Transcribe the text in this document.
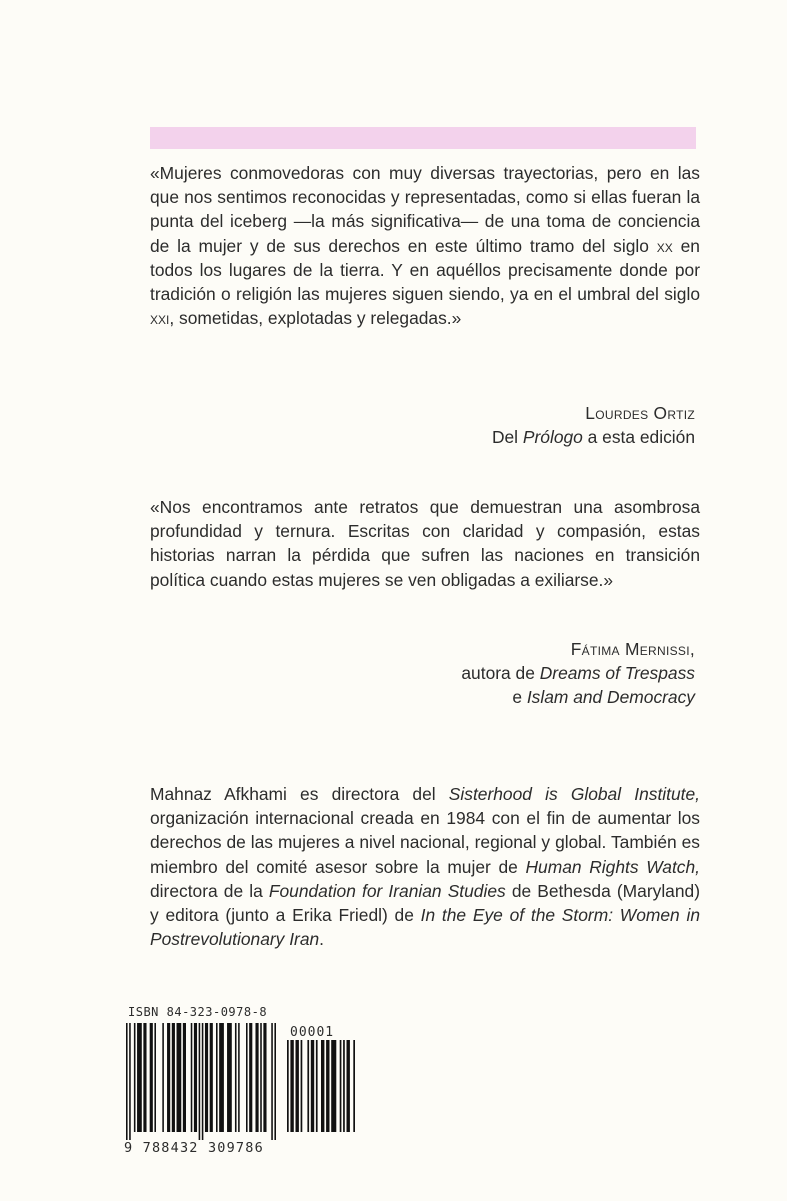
«Mujeres conmovedoras con muy diversas trayectorias, pero en las que nos sentimos reconocidas y representadas, como si ellas fueran la punta del iceberg —la más significativa— de una toma de conciencia de la mujer y de sus derechos en este último tramo del siglo xx en todos los lugares de la tierra. Y en aquéllos precisamente donde por tradición o religión las mujeres siguen siendo, ya en el umbral del siglo xxi, sometidas, explotadas y relegadas.»

Lourdes Ortiz
Del Prólogo a esta edición

«Nos encontramos ante retratos que demuestran una asombrosa profundidad y ternura. Escritas con claridad y compasión, estas historias narran la pérdida que sufren las naciones en transición política cuando estas mujeres se ven obligadas a exiliarse.»

Fátima Mernissi,
autora de Dreams of Trespass
e Islam and Democracy

Mahnaz Afkhami es directora del Sisterhood is Global Institute, organización internacional creada en 1984 con el fin de aumentar los derechos de las mujeres a nivel nacional, regional y global. También es miembro del comité asesor sobre la mujer de Human Rights Watch, directora de la Foundation for Iranian Studies de Bethesda (Maryland) y editora (junto a Erika Friedl) de In the Eye of the Storm: Women in Postrevolutionary Iran.

ISBN 84-323-0978-8
00001
9 788432 309786
